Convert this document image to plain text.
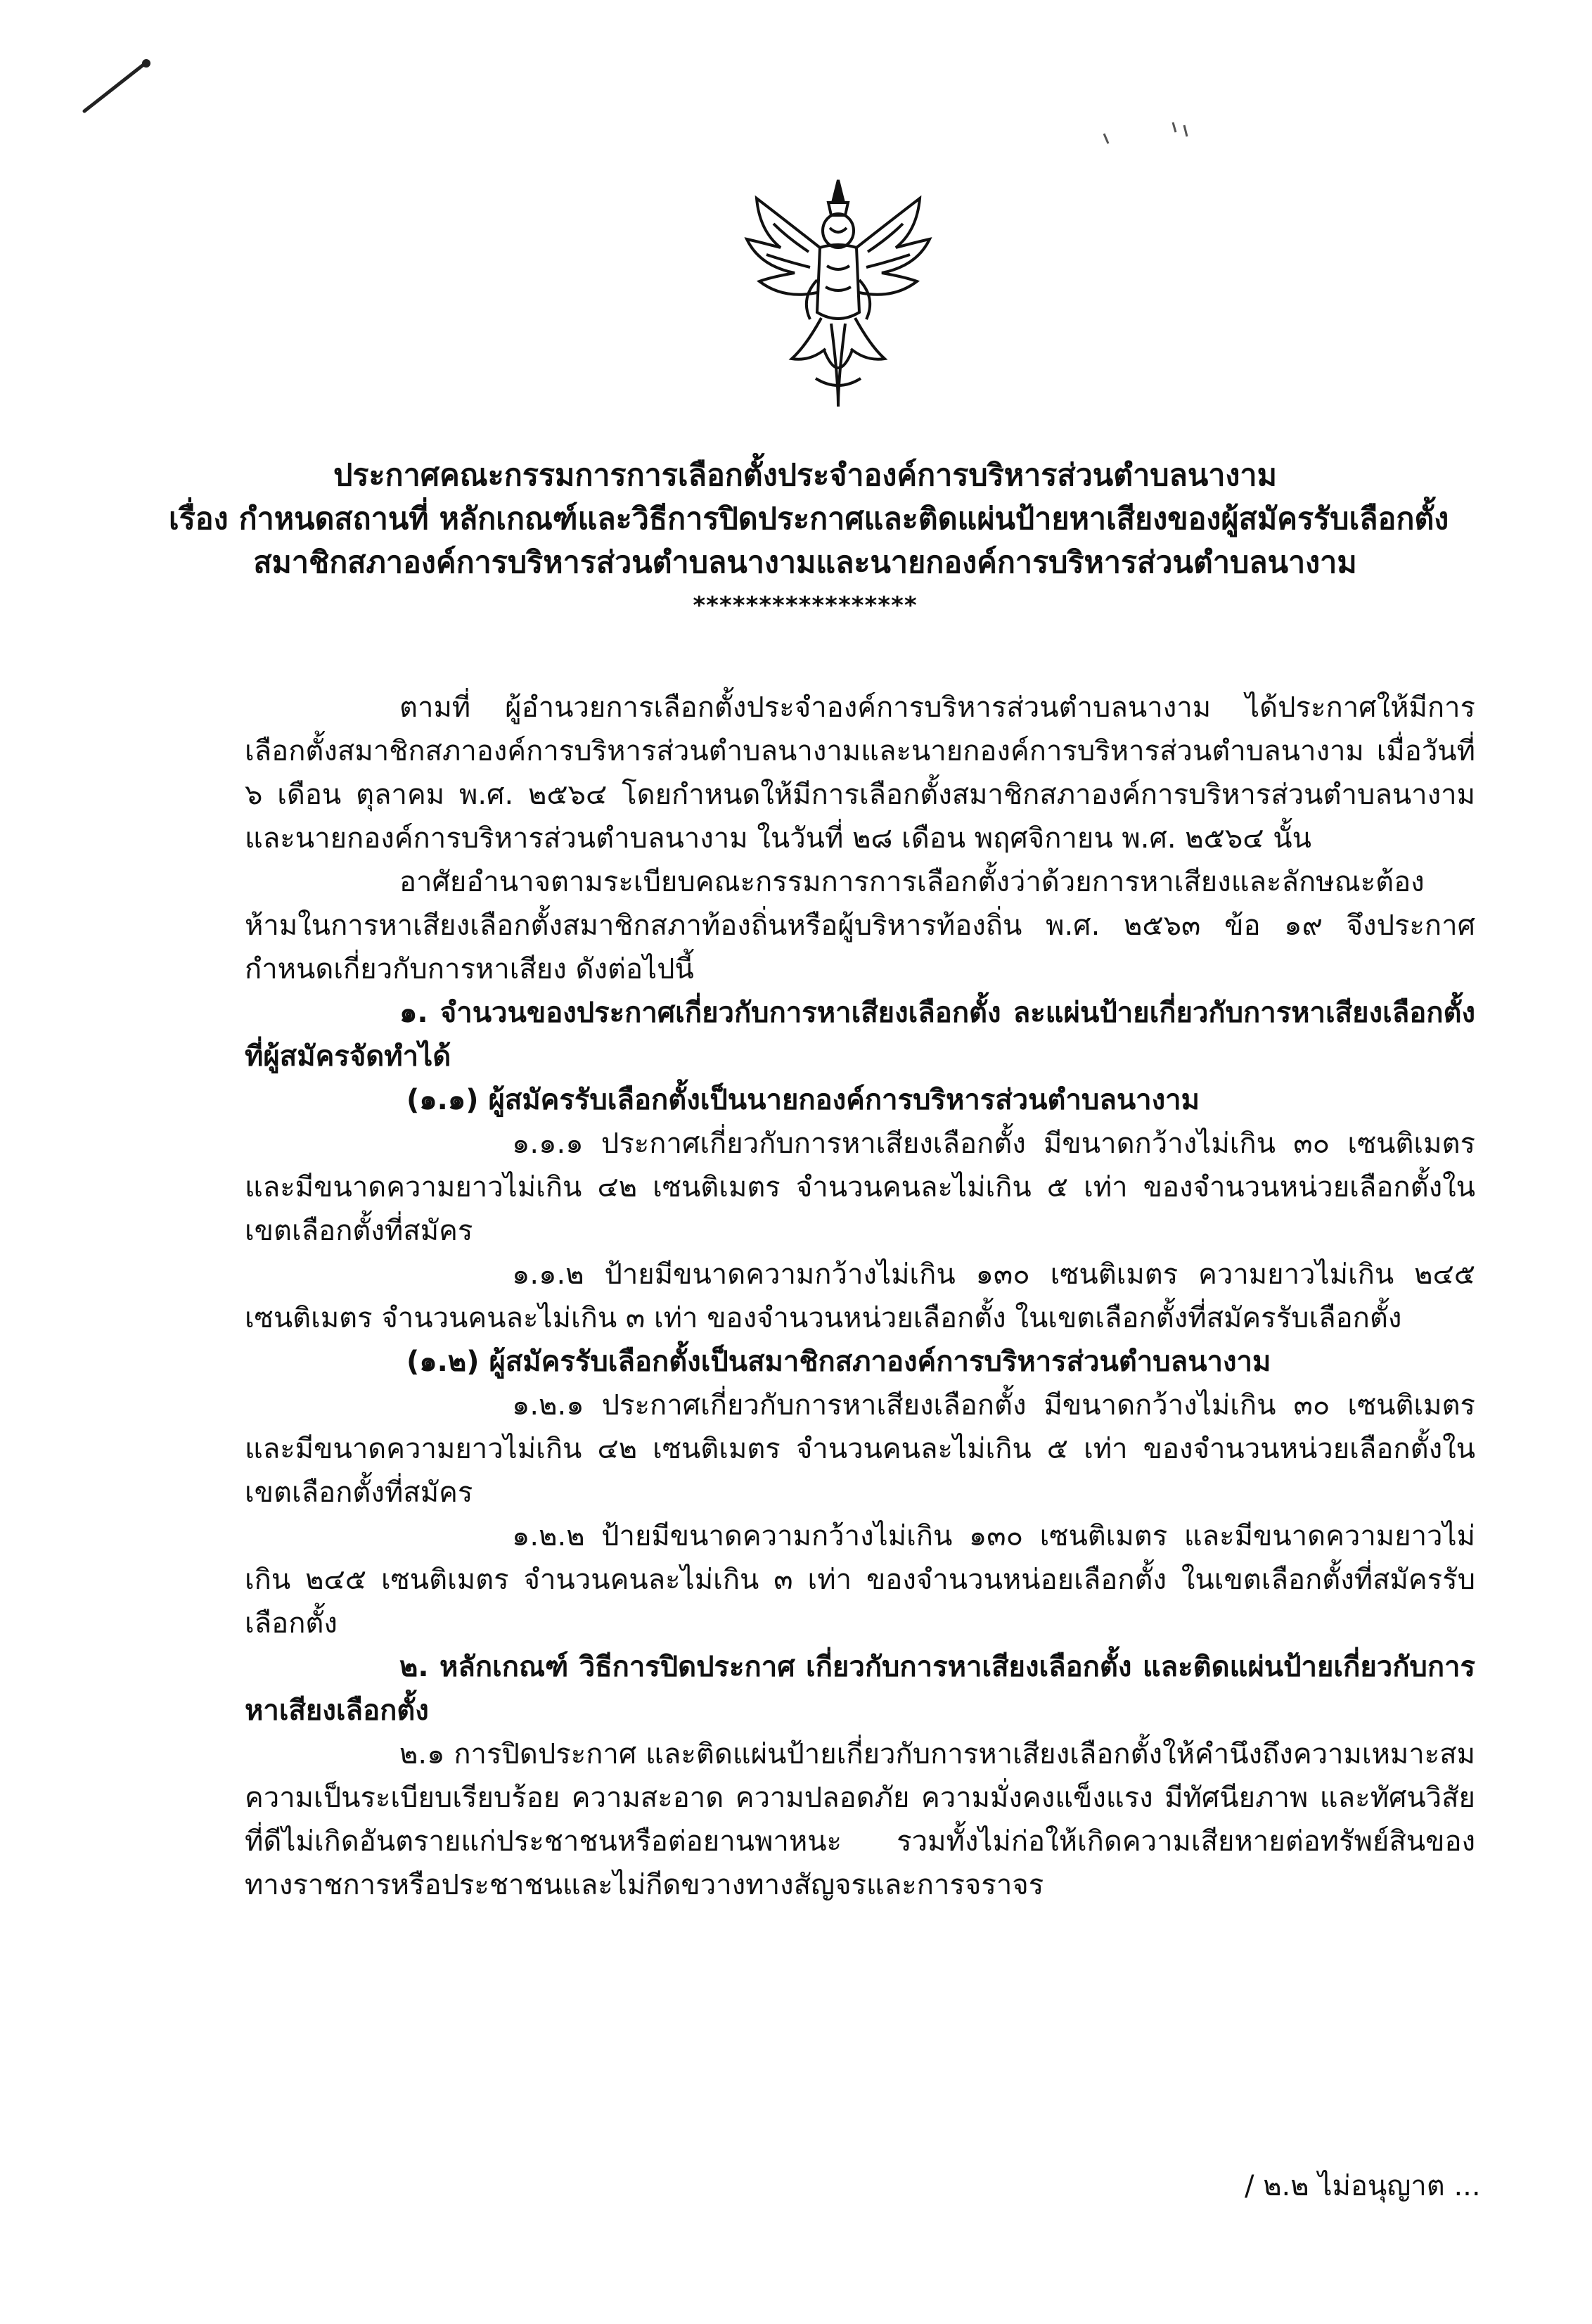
ประกาศคณะกรรมการการเลือกตั้งประจำองค์การบริหารส่วนตำบลนางาม
เรื่อง กำหนดสถานที่ หลักเกณฑ์และวิธีการปิดประกาศและติดแผ่นป้ายหาเสียงของผู้สมัครรับเลือกตั้ง
สมาชิกสภาองค์การบริหารส่วนตำบลนางามและนายกองค์การบริหารส่วนตำบลนางาม
*****************

ตามที่ ผู้อำนวยการเลือกตั้งประจำองค์การบริหารส่วนตำบลนางาม ได้ประกาศให้มีการเลือกตั้งสมาชิกสภาองค์การบริหารส่วนตำบลนางามและนายกองค์การบริหารส่วนตำบลนางาม เมื่อวันที่ ๖ เดือน ตุลาคม พ.ศ. ๒๕๖๔ โดยกำหนดให้มีการเลือกตั้งสมาชิกสภาองค์การบริหารส่วนตำบลนางามและนายกองค์การบริหารส่วนตำบลนางาม ในวันที่ ๒๘ เดือน พฤศจิกายน พ.ศ. ๒๕๖๔ นั้น

อาศัยอำนาจตามระเบียบคณะกรรมการการเลือกตั้งว่าด้วยการหาเสียงและลักษณะต้องห้ามในการหาเสียงเลือกตั้งสมาชิกสภาท้องถิ่นหรือผู้บริหารท้องถิ่น พ.ศ. ๒๕๖๓ ข้อ ๑๙ จึงประกาศกำหนดเกี่ยวกับการหาเสียง ดังต่อไปนี้

๑. จำนวนของประกาศเกี่ยวกับการหาเสียงเลือกตั้ง ละแผ่นป้ายเกี่ยวกับการหาเสียงเลือกตั้งที่ผู้สมัครจัดทำได้

(๑.๑) ผู้สมัครรับเลือกตั้งเป็นนายกองค์การบริหารส่วนตำบลนางาม

๑.๑.๑ ประกาศเกี่ยวกับการหาเสียงเลือกตั้ง มีขนาดกว้างไม่เกิน ๓๐ เซนติเมตร และมีขนาดความยาวไม่เกิน ๔๒ เซนติเมตร จำนวนคนละไม่เกิน ๕ เท่า ของจำนวนหน่วยเลือกตั้งในเขตเลือกตั้งที่สมัคร

๑.๑.๒ ป้ายมีขนาดความกว้างไม่เกิน ๑๓๐ เซนติเมตร ความยาวไม่เกิน ๒๔๕ เซนติเมตร จำนวนคนละไม่เกิน ๓ เท่า ของจำนวนหน่วยเลือกตั้ง ในเขตเลือกตั้งที่สมัครรับเลือกตั้ง

(๑.๒) ผู้สมัครรับเลือกตั้งเป็นสมาชิกสภาองค์การบริหารส่วนตำบลนางาม

๑.๒.๑ ประกาศเกี่ยวกับการหาเสียงเลือกตั้ง มีขนาดกว้างไม่เกิน ๓๐ เซนติเมตร และมีขนาดความยาวไม่เกิน ๔๒ เซนติเมตร จำนวนคนละไม่เกิน ๕ เท่า ของจำนวนหน่วยเลือกตั้งในเขตเลือกตั้งที่สมัคร

๑.๒.๒ ป้ายมีขนาดความกว้างไม่เกิน ๑๓๐ เซนติเมตร และมีขนาดความยาวไม่เกิน ๒๔๕ เซนติเมตร จำนวนคนละไม่เกิน ๓ เท่า ของจำนวนหน่อยเลือกตั้ง ในเขตเลือกตั้งที่สมัครรับเลือกตั้ง

๒. หลักเกณฑ์ วิธีการปิดประกาศ เกี่ยวกับการหาเสียงเลือกตั้ง และติดแผ่นป้ายเกี่ยวกับการหาเสียงเลือกตั้ง

๒.๑ การปิดประกาศ และติดแผ่นป้ายเกี่ยวกับการหาเสียงเลือกตั้งให้คำนึงถึงความเหมาะสมความเป็นระเบียบเรียบร้อย ความสะอาด ความปลอดภัย ความมั่งคงแข็งแรง มีทัศนียภาพ และทัศนวิสัยที่ดีไม่เกิดอันตรายแก่ประชาชนหรือต่อยานพาหนะ รวมทั้งไม่ก่อให้เกิดความเสียหายต่อทรัพย์สินของทางราชการหรือประชาชนและไม่กีดขวางทางสัญจรและการจราจร

/ ๒.๒ ไม่อนุญาต ...
